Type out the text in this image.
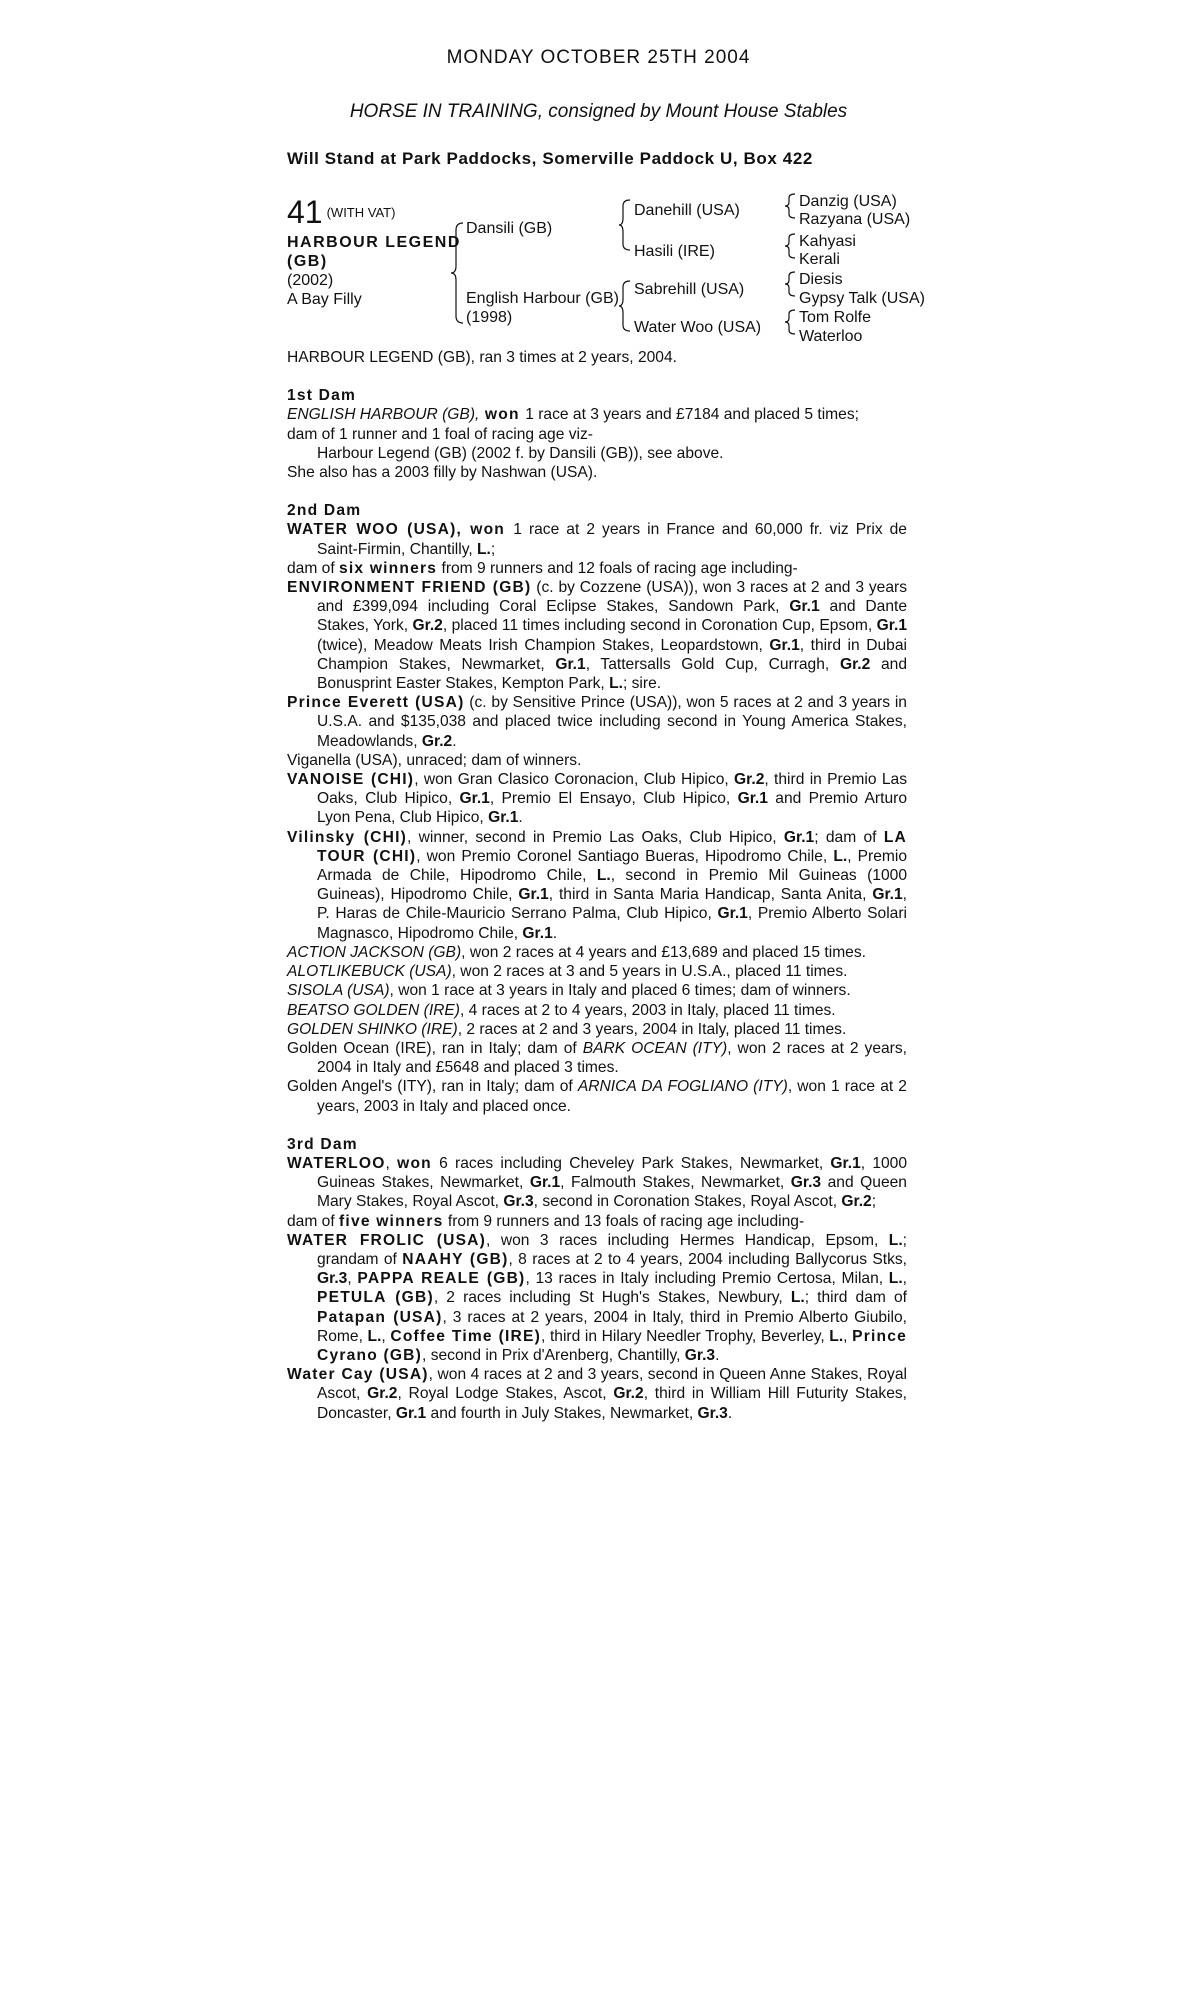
MONDAY OCTOBER 25TH 2004
HORSE IN TRAINING, consigned by Mount House Stables
Will Stand at Park Paddocks, Somerville Paddock U, Box 422
41 (WITH VAT)
HARBOUR LEGEND
(GB)
(2002)
A Bay Filly
Dansili (GB)
English Harbour (GB)
(1998)
Danehill (USA)
Hasili (IRE)
Sabrehill (USA)
Water Woo (USA)
Danzig (USA)
Razyana (USA)
Kahyasi
Kerali
Diesis
Gypsy Talk (USA)
Tom Rolfe
Waterloo

HARBOUR LEGEND (GB), ran 3 times at 2 years, 2004.

1st Dam

ENGLISH HARBOUR (GB), won 1 race at 3 years and £7184 and placed 5 times;

dam of 1 runner and 1 foal of racing age viz-

Harbour Legend (GB) (2002 f. by Dansili (GB)), see above.

She also has a 2003 filly by Nashwan (USA).

2nd Dam

WATER WOO (USA), won 1 race at 2 years in France and 60,000 fr. viz Prix de Saint-Firmin, Chantilly, L.;

dam of six winners from 9 runners and 12 foals of racing age including-

ENVIRONMENT FRIEND (GB) (c. by Cozzene (USA)), won 3 races at 2 and 3 years and £399,094 including Coral Eclipse Stakes, Sandown Park, Gr.1 and Dante Stakes, York, Gr.2, placed 11 times including second in Coronation Cup, Epsom, Gr.1 (twice), Meadow Meats Irish Champion Stakes, Leopardstown, Gr.1, third in Dubai Champion Stakes, Newmarket, Gr.1, Tattersalls Gold Cup, Curragh, Gr.2 and Bonusprint Easter Stakes, Kempton Park, L.; sire.

Prince Everett (USA) (c. by Sensitive Prince (USA)), won 5 races at 2 and 3 years in U.S.A. and $135,038 and placed twice including second in Young America Stakes, Meadowlands, Gr.2.

Viganella (USA), unraced; dam of winners.

VANOISE (CHI), won Gran Clasico Coronacion, Club Hipico, Gr.2, third in Premio Las Oaks, Club Hipico, Gr.1, Premio El Ensayo, Club Hipico, Gr.1 and Premio Arturo Lyon Pena, Club Hipico, Gr.1.

Vilinsky (CHI), winner, second in Premio Las Oaks, Club Hipico, Gr.1; dam of LA TOUR (CHI), won Premio Coronel Santiago Bueras, Hipodromo Chile, L., Premio Armada de Chile, Hipodromo Chile, L., second in Premio Mil Guineas (1000 Guineas), Hipodromo Chile, Gr.1, third in Santa Maria Handicap, Santa Anita, Gr.1, P. Haras de Chile-Mauricio Serrano Palma, Club Hipico, Gr.1, Premio Alberto Solari Magnasco, Hipodromo Chile, Gr.1.

ACTION JACKSON (GB), won 2 races at 4 years and £13,689 and placed 15 times.

ALOTLIKEBUCK (USA), won 2 races at 3 and 5 years in U.S.A., placed 11 times.

SISOLA (USA), won 1 race at 3 years in Italy and placed 6 times; dam of winners.

BEATSO GOLDEN (IRE), 4 races at 2 to 4 years, 2003 in Italy, placed 11 times.

GOLDEN SHINKO (IRE), 2 races at 2 and 3 years, 2004 in Italy, placed 11 times.

Golden Ocean (IRE), ran in Italy; dam of BARK OCEAN (ITY), won 2 races at 2 years, 2004 in Italy and £5648 and placed 3 times.

Golden Angel's (ITY), ran in Italy; dam of ARNICA DA FOGLIANO (ITY), won 1 race at 2 years, 2003 in Italy and placed once.

3rd Dam

WATERLOO, won 6 races including Cheveley Park Stakes, Newmarket, Gr.1, 1000 Guineas Stakes, Newmarket, Gr.1, Falmouth Stakes, Newmarket, Gr.3 and Queen Mary Stakes, Royal Ascot, Gr.3, second in Coronation Stakes, Royal Ascot, Gr.2;

dam of five winners from 9 runners and 13 foals of racing age including-

WATER FROLIC (USA), won 3 races including Hermes Handicap, Epsom, L.; grandam of NAAHY (GB), 8 races at 2 to 4 years, 2004 including Ballycorus Stks, Gr.3, PAPPA REALE (GB), 13 races in Italy including Premio Certosa, Milan, L., PETULA (GB), 2 races including St Hugh's Stakes, Newbury, L.; third dam of Patapan (USA), 3 races at 2 years, 2004 in Italy, third in Premio Alberto Giubilo, Rome, L., Coffee Time (IRE), third in Hilary Needler Trophy, Beverley, L., Prince Cyrano (GB), second in Prix d'Arenberg, Chantilly, Gr.3.

Water Cay (USA), won 4 races at 2 and 3 years, second in Queen Anne Stakes, Royal Ascot, Gr.2, Royal Lodge Stakes, Ascot, Gr.2, third in William Hill Futurity Stakes, Doncaster, Gr.1 and fourth in July Stakes, Newmarket, Gr.3.
